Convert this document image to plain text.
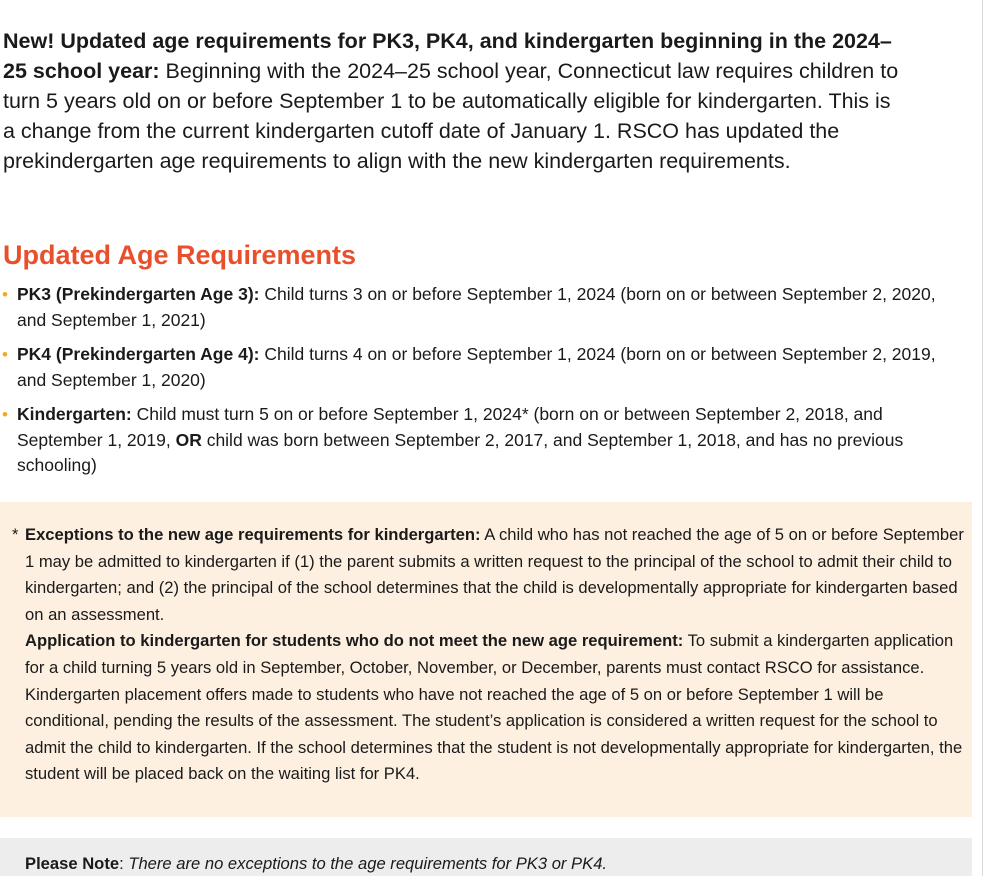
New! Updated age requirements for PK3, PK4, and kindergarten beginning in the 2024–25 school year: Beginning with the 2024–25 school year, Connecticut law requires children to turn 5 years old on or before September 1 to be automatically eligible for kindergarten. This is a change from the current kindergarten cutoff date of January 1. RSCO has updated the prekindergarten age requirements to align with the new kindergarten requirements.

Updated Age Requirements
• PK3 (Prekindergarten Age 3): Child turns 3 on or before September 1, 2024 (born on or between September 2, 2020, and September 1, 2021)
• PK4 (Prekindergarten Age 4): Child turns 4 on or before September 1, 2024 (born on or between September 2, 2019, and September 1, 2020)
• Kindergarten: Child must turn 5 on or before September 1, 2024* (born on or between September 2, 2018, and September 1, 2019, OR child was born between September 2, 2017, and September 1, 2018, and has no previous schooling)
* Exceptions to the new age requirements for kindergarten: A child who has not reached the age of 5 on or before September 1 may be admitted to kindergarten if (1) the parent submits a written request to the principal of the school to admit their child to kindergarten; and (2) the principal of the school determines that the child is developmentally appropriate for kindergarten based on an assessment.
Application to kindergarten for students who do not meet the new age requirement: To submit a kindergarten application for a child turning 5 years old in September, October, November, or December, parents must contact RSCO for assistance. Kindergarten placement offers made to students who have not reached the age of 5 on or before September 1 will be conditional, pending the results of the assessment. The student’s application is considered a written request for the school to admit the child to kindergarten. If the school determines that the student is not developmentally appropriate for kindergarten, the student will be placed back on the waiting list for PK4.

Please Note: There are no exceptions to the age requirements for PK3 or PK4.
